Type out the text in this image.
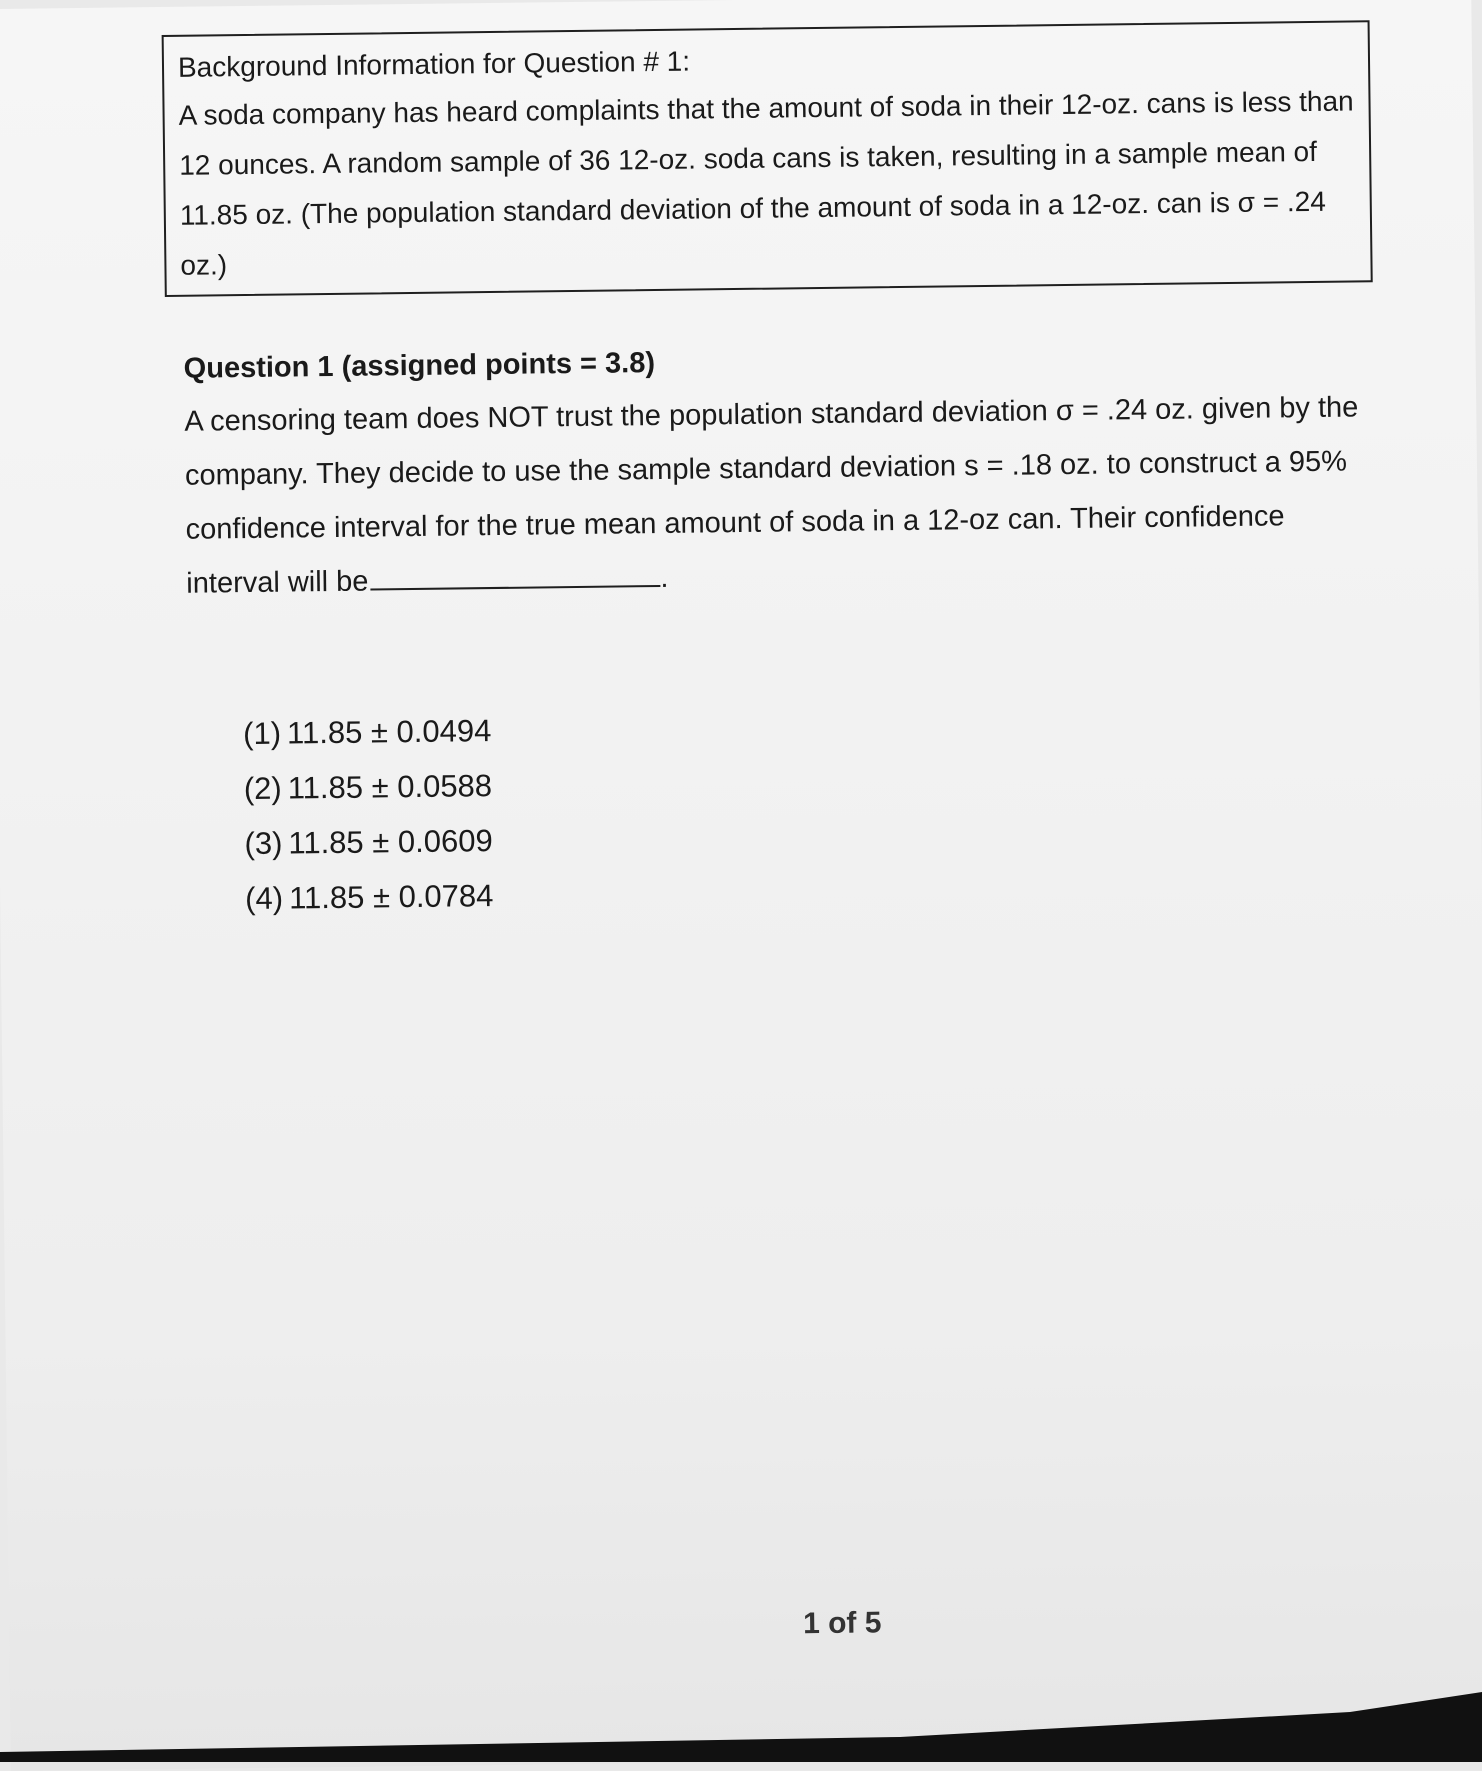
Background Information for Question # 1:

A soda company has heard complaints that the amount of soda in their 12-oz. cans is less than 12 ounces. A random sample of 36 12-oz. soda cans is taken, resulting in a sample mean of 11.85 oz. (The population standard deviation of the amount of soda in a 12-oz. can is σ = .24 oz.)

Question 1 (assigned points = 3.8)

A censoring team does NOT trust the population standard deviation σ = .24 oz. given by the company. They decide to use the sample standard deviation s = .18 oz. to construct a 95% confidence interval for the true mean amount of soda in a 12-oz can. Their confidence interval will be	.

(1) 11.85 ± 0.0494
(2) 11.85 ± 0.0588
(3) 11.85 ± 0.0609
(4) 11.85 ± 0.0784
1 of 5
